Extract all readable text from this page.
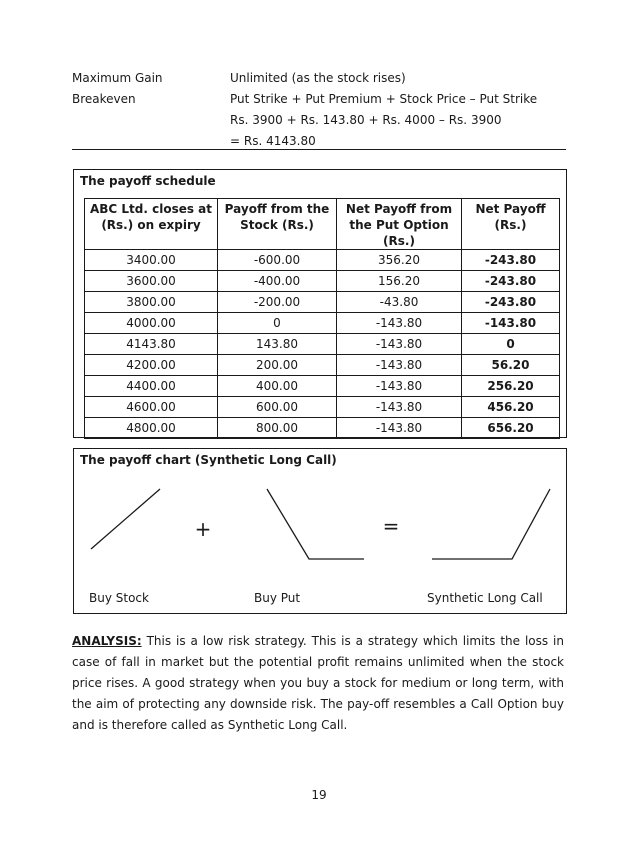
Maximum Gain	Unlimited (as the stock rises)
Breakeven	Put Strike + Put Premium + Stock Price – Put Strike
Rs. 3900 + Rs. 143.80 + Rs. 4000 – Rs. 3900
= Rs. 4143.80
The payoff schedule
ABC Ltd. closes at (Rs.) on expiry	Payoff from the Stock (Rs.)	Net Payoff from the Put Option (Rs.)	Net Payoff (Rs.)
3400.00	-600.00	356.20	-243.80
3600.00	-400.00	156.20	-243.80
3800.00	-200.00	-43.80	-243.80
4000.00	0	-143.80	-143.80
4143.80	143.80	-143.80	0
4200.00	200.00	-143.80	56.20
4400.00	400.00	-143.80	256.20
4600.00	600.00	-143.80	456.20
4800.00	800.00	-143.80	656.20
The payoff chart (Synthetic Long Call)
+	=
Buy Stock	Buy Put	Synthetic Long Call
ANALYSIS: This is a low risk strategy. This is a strategy which limits the loss in case of fall in market but the potential profit remains unlimited when the stock price rises. A good strategy when you buy a stock for medium or long term, with the aim of protecting any downside risk. The pay-off resembles a Call Option buy and is therefore called as Synthetic Long Call.
19
